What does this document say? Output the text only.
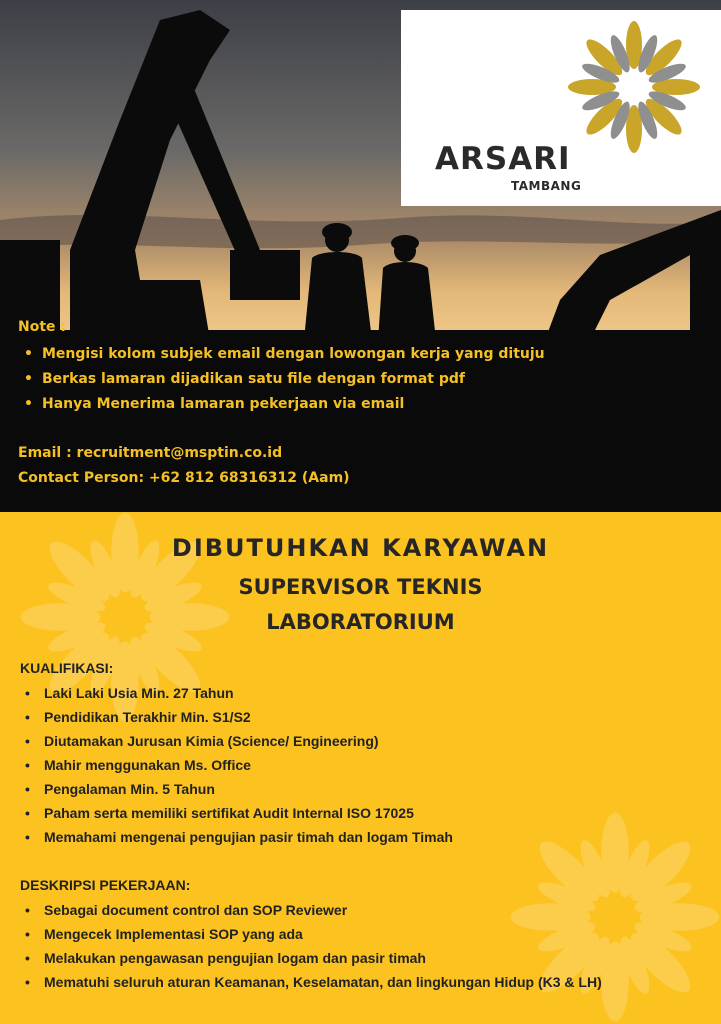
ARSARI
TAMBANG
Note :
• Mengisi kolom subjek email dengan lowongan kerja yang dituju
• Berkas lamaran dijadikan satu file dengan format pdf
• Hanya Menerima lamaran pekerjaan via email
Email : recruitment@msptin.co.id
Contact Person: +62 812 68316312 (Aam)
DIBUTUHKAN KARYAWAN
SUPERVISOR TEKNIS
LABORATORIUM
KUALIFIKASI:
• Laki Laki Usia Min. 27 Tahun
• Pendidikan Terakhir Min. S1/S2
• Diutamakan Jurusan Kimia (Science/ Engineering)
• Mahir menggunakan Ms. Office
• Pengalaman Min. 5 Tahun
• Paham serta memiliki sertifikat Audit Internal ISO 17025
• Memahami mengenai pengujian pasir timah dan logam Timah
DESKRIPSI PEKERJAAN:
• Sebagai document control dan SOP Reviewer
• Mengecek Implementasi SOP yang ada
• Melakukan pengawasan pengujian logam dan pasir timah
• Mematuhi seluruh aturan Keamanan, Keselamatan, dan lingkungan Hidup (K3 & LH)
